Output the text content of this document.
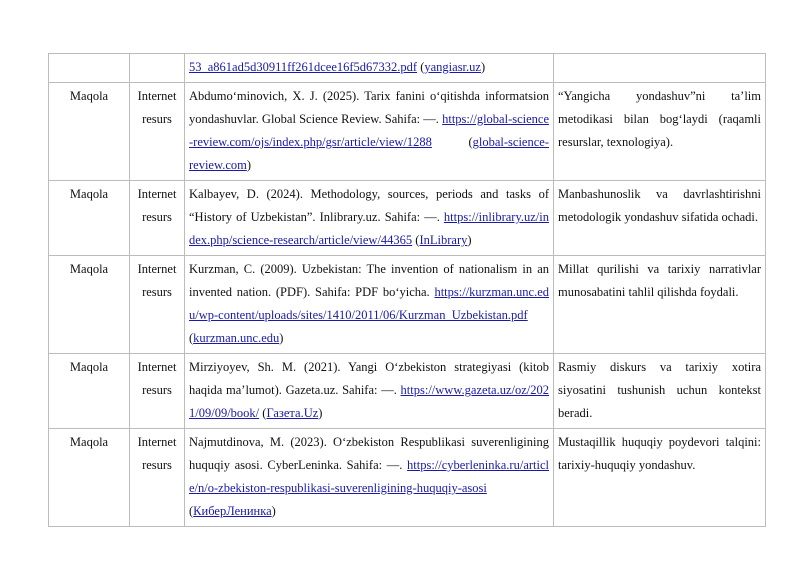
		53_a861ad5d30911ff261dcee16f5d67332.pdf (yangiasr.uz)	
Maqola	Internet resurs	Abdumo‘minovich, X. J. (2025). Tarix fanini o‘qitishda informatsion yondashuvlar. Global Science Review. Sahifa: —. https://global-science-review.com/ojs/index.php/gsr/article/view/1288 (global-science-review.com)	“Yangicha yondashuv”ni ta’lim metodikasi bilan bog‘laydi (raqamli resurslar, texnologiya).
Maqola	Internet resurs	Kalbayev, D. (2024). Methodology, sources, periods and tasks of “History of Uzbekistan”. Inlibrary.uz. Sahifa: —. https://inlibrary.uz/index.php/science-research/article/view/44365 (InLibrary)	Manbashunoslik va davrlashtirishni metodologik yondashuv sifatida ochadi.
Maqola	Internet resurs	Kurzman, C. (2009). Uzbekistan: The invention of nationalism in an invented nation. (PDF). Sahifa: PDF bo‘yicha. https://kurzman.unc.edu/wp-content/uploads/sites/1410/2011/06/Kurzman_Uzbekistan.pdf (kurzman.unc.edu)	Millat qurilishi va tarixiy narrativlar munosabatini tahlil qilishda foydali.
Maqola	Internet resurs	Mirziyoyev, Sh. M. (2021). Yangi O‘zbekiston strategiyasi (kitob haqida ma’lumot). Gazeta.uz. Sahifa: —. https://www.gazeta.uz/oz/2021/09/09/book/ (Газета.Uz)	Rasmiy diskurs va tarixiy xotira siyosatini tushunish uchun kontekst beradi.
Maqola	Internet resurs	Najmutdinova, M. (2023). O‘zbekiston Respublikasi suverenligining huquqiy asosi. CyberLeninka. Sahifa: —. https://cyberleninka.ru/article/n/o-zbekiston-respublikasi-suverenligining-huquqiy-asosi (КиберЛенинка)	Mustaqillik huquqiy poydevori talqini: tarixiy-huquqiy yondashuv.
